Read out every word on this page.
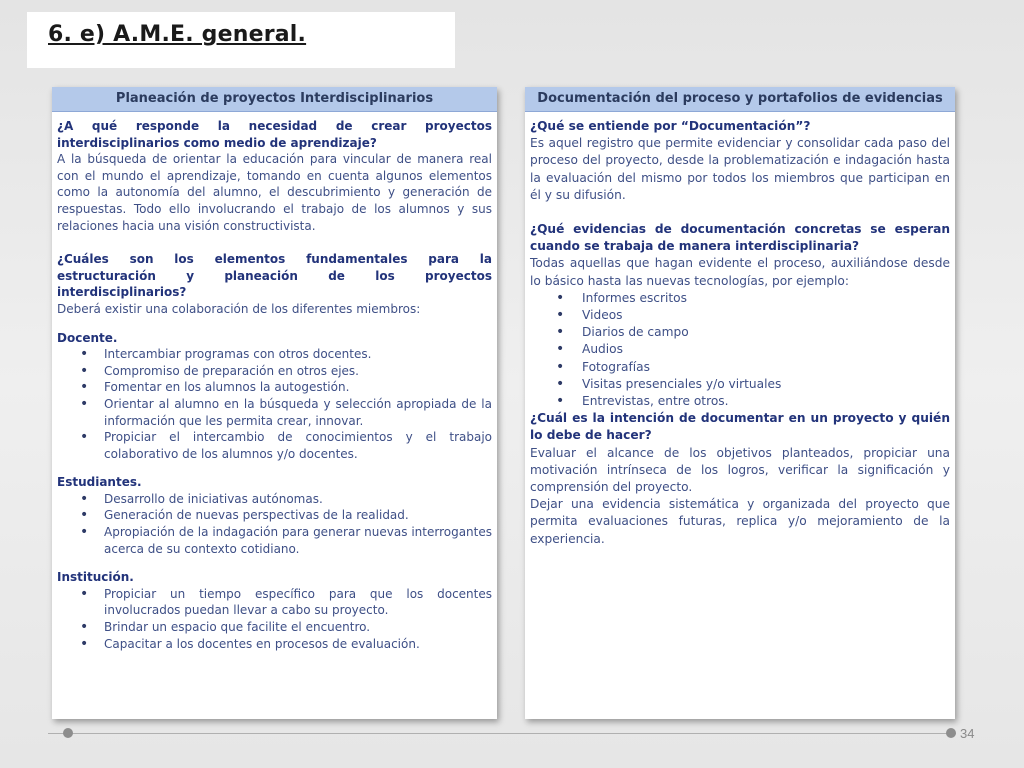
6. e) A.M.E. general.
Planeación de proyectos Interdisciplinarios

¿A qué responde la necesidad de crear proyectos interdisciplinarios como medio de aprendizaje?

A la búsqueda de orientar la educación para vincular de manera real con el mundo el aprendizaje, tomando en cuenta algunos elementos como la autonomía del alumno, el descubrimiento y generación de respuestas. Todo ello involucrando el trabajo de los alumnos y sus relaciones hacia una visión constructivista.

¿Cuáles son los elementos fundamentales para la estructuración y planeación de los proyectos interdisciplinarios?

Deberá existir una colaboración de los diferentes miembros:

Docente.

• Intercambiar programas con otros docentes.
• Compromiso de preparación en otros ejes.
• Fomentar en los alumnos la autogestión.
• Orientar al alumno en la búsqueda y selección apropiada de la información que les permita crear, innovar.
• Propiciar el intercambio de conocimientos y el trabajo colaborativo de los alumnos y/o docentes.

Estudiantes.

• Desarrollo de iniciativas autónomas.
• Generación de nuevas perspectivas de la realidad.
• Apropiación de la indagación para generar nuevas interrogantes acerca de su contexto cotidiano.

Institución.

• Propiciar un tiempo específico para que los docentes involucrados puedan llevar a cabo su proyecto.
• Brindar un espacio que facilite el encuentro.
• Capacitar a los docentes en procesos de evaluación.
Documentación del proceso y portafolios de evidencias

¿Qué se entiende por “Documentación”?

Es aquel registro que permite evidenciar y consolidar cada paso del proceso del proyecto, desde la problematización e indagación hasta la evaluación del mismo por todos los miembros que participan en él y su difusión.

¿Qué evidencias de documentación concretas se esperan cuando se trabaja de manera interdisciplinaria?

Todas aquellas que hagan evidente el proceso, auxiliándose desde lo básico hasta las nuevas tecnologías, por ejemplo:

• Informes escritos
• Videos
• Diarios de campo
• Audios
• Fotografías
• Visitas presenciales y/o virtuales
• Entrevistas, entre otros.

¿Cuál es la intención de documentar en un proyecto y quién lo debe de hacer?

Evaluar el alcance de los objetivos planteados, propiciar una motivación intrínseca de los logros, verificar la significación y comprensión del proyecto.

Dejar una evidencia sistemática y organizada del proyecto que permita evaluaciones futuras, replica y/o mejoramiento de la experiencia.

34
